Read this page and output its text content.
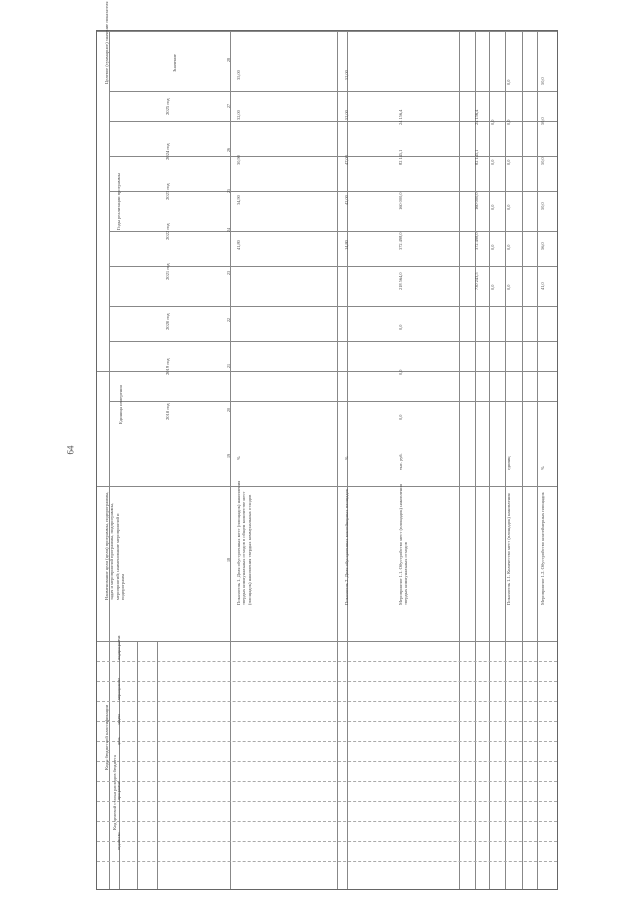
64
Целевое (суммарное) значение показателя
Годы реализации программы
Единица измерения
Наименование цели (цели) программы, подпрограммы, задач и мероприятий программы, подпрограммы, мероприятий; наименование мероприятий и подпрограмм
Коды бюджетной классификации
Код целевой статьи расходов бюджета
2019 год
2020 год
2021 год
2022 год
2023 год
2024 год
2025 год
2018 год
Значение
Показатель 1. Доля обустроенных мест (площадок) накопления твердых коммунальных отходов в общем количестве мест (площадок) накопления твердых коммунальных отходов
%
41,80
34,90
30,90
32,00
35,00
Показатель 2. Доля обустроенных контейнерных площадок
%
14,80
42,00
47,00
52,00
52,00
Мероприятие 1.1. Обустройство мест (площадок) накопления твердых коммунальных отходов
тыс. руб.
0,0
0,0
0,0
218 564,0
372 498,0
160 000,0
82 145,1
24 156,4
730 243,5
372 498,0
160 000,0
82 145,1
24 156,4
0,0
0,0
0,0
0,0
0,0
Показатель 1.1. Количество мест (площадок) накопления
единиц
0,0
0,0
0,0
0,0
0,0
0,0
Мероприятие 1.2. Обустройство контейнерных площадок
%
41,0
56,0
50,0
50,0
50,0
50,0
28
27
26
25
24
23
22
21
20
19
18
подпрограмма
мероприятие
задача
цель
программа
ведомство
